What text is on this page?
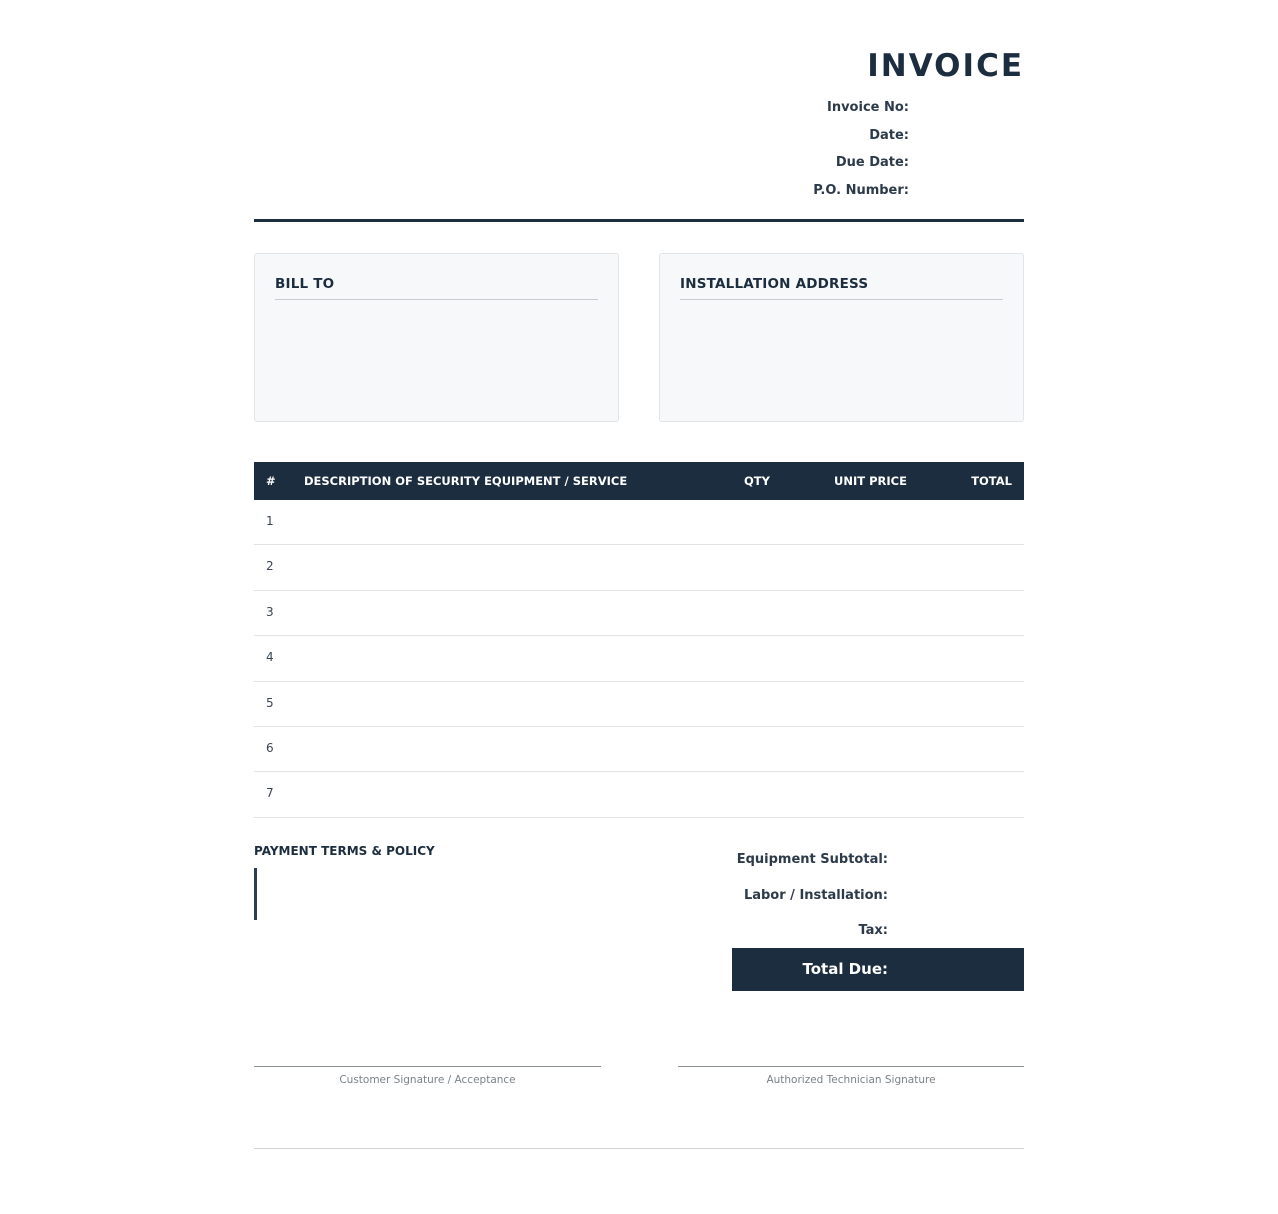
INVOICE
Invoice No:
Date:
Due Date:
P.O. Number:
BILL TO	INSTALLATION ADDRESS
# DESCRIPTION OF SECURITY EQUIPMENT / SERVICE	QTY	UNIT PRICE	TOTAL
1
2
3
4
5
6
7
PAYMENT TERMS & POLICY
Equipment Subtotal:
Labor / Installation:
Tax:
Total Due:
Customer Signature / Acceptance	Authorized Technician Signature
